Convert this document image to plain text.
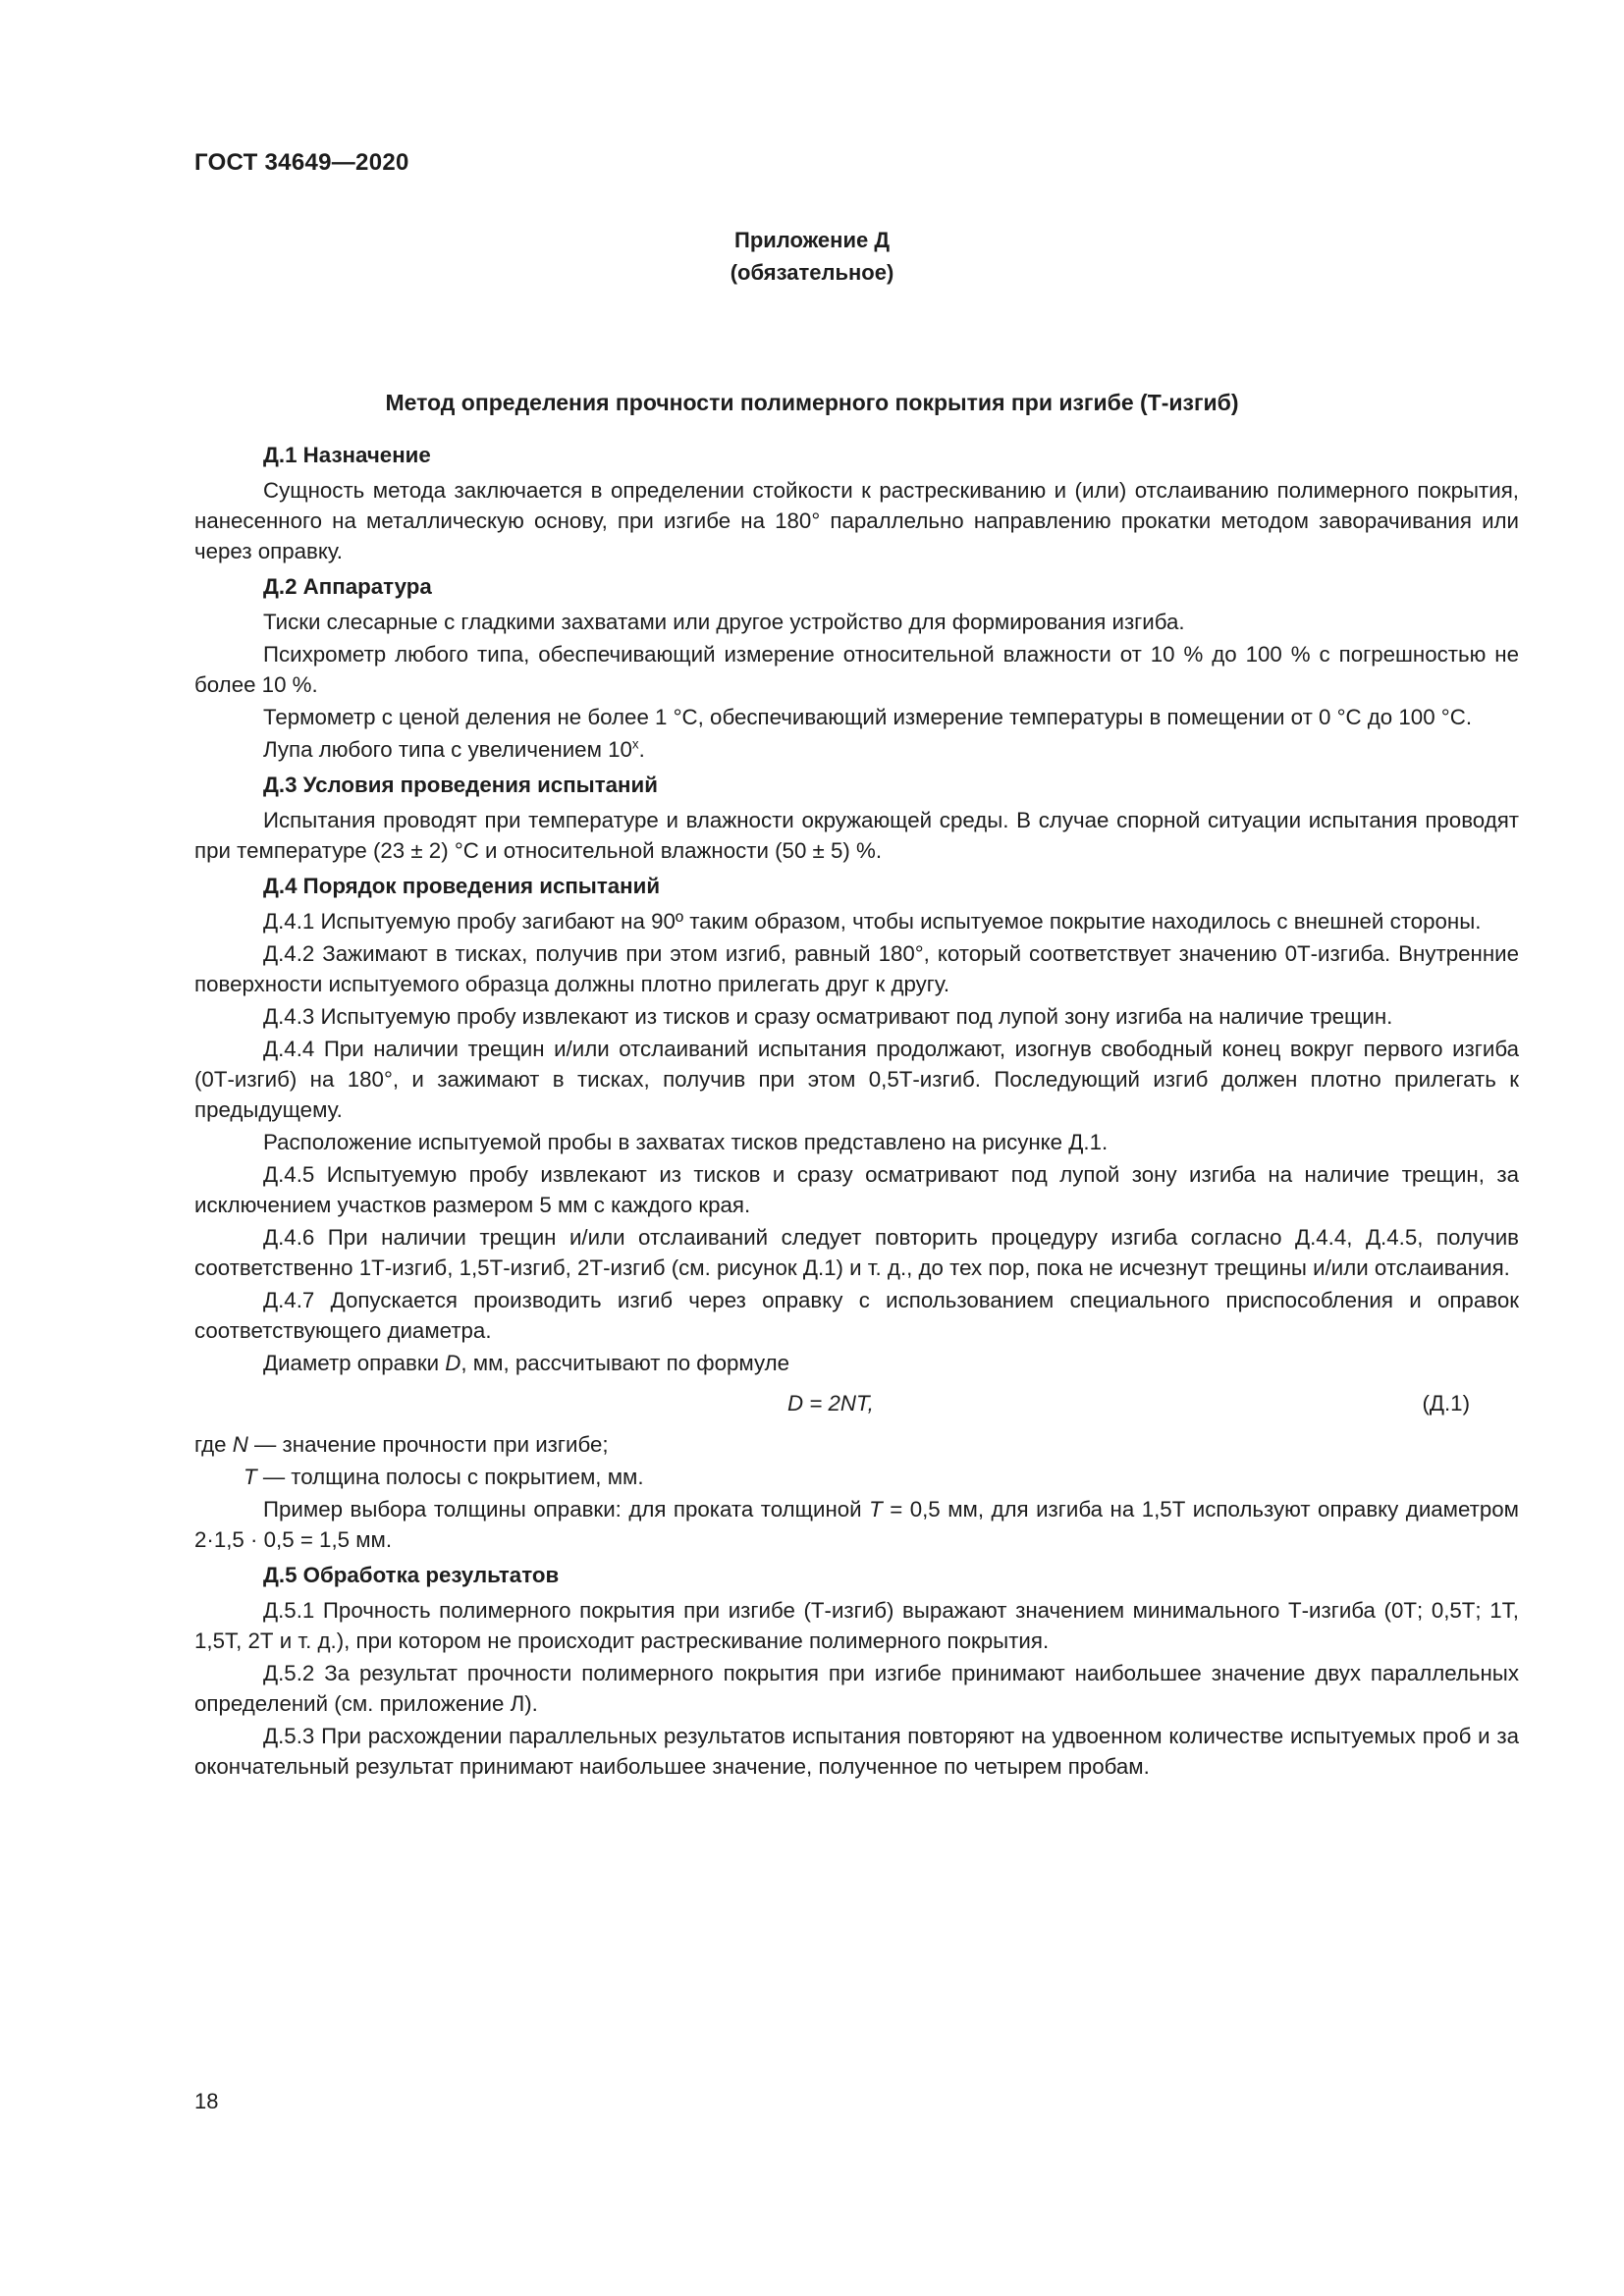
ГОСТ 34649—2020
Приложение Д
(обязательное)
Метод определения прочности полимерного покрытия при изгибе (Т-изгиб)
Д.1 Назначение

Сущность метода заключается в определении стойкости к растрескиванию и (или) отслаиванию полимерного покрытия, нанесенного на металлическую основу, при изгибе на 180° параллельно направлению прокатки методом заворачивания или через оправку.

Д.2 Аппаратура

Тиски слесарные с гладкими захватами или другое устройство для формирования изгиба.

Психрометр любого типа, обеспечивающий измерение относительной влажности от 10 % до 100 % с погрешностью не более 10 %.

Термометр с ценой деления не более 1 °С, обеспечивающий измерение температуры в помещении от 0 °С до 100 °С.

Лупа любого типа с увеличением $10^х$.

Д.3 Условия проведения испытаний

Испытания проводят при температуре и влажности окружающей среды. В случае спорной ситуации испытания проводят при температуре (23 ± 2) °С и относительной влажности (50 ± 5) %.

Д.4 Порядок проведения испытаний

Д.4.1 Испытуемую пробу загибают на 90º таким образом, чтобы испытуемое покрытие находилось с внешней стороны.

Д.4.2 Зажимают в тисках, получив при этом изгиб, равный 180°, который соответствует значению 0Т-изгиба. Внутренние поверхности испытуемого образца должны плотно прилегать друг к другу.

Д.4.3 Испытуемую пробу извлекают из тисков и сразу осматривают под лупой зону изгиба на наличие трещин.

Д.4.4 При наличии трещин и/или отслаиваний испытания продолжают, изогнув свободный конец вокруг первого изгиба (0Т-изгиб) на 180°, и зажимают в тисках, получив при этом 0,5Т-изгиб. Последующий изгиб должен плотно прилегать к предыдущему.

Расположение испытуемой пробы в захватах тисков представлено на рисунке Д.1.

Д.4.5 Испытуемую пробу извлекают из тисков и сразу осматривают под лупой зону изгиба на наличие трещин, за исключением участков размером 5 мм с каждого края.

Д.4.6 При наличии трещин и/или отслаиваний следует повторить процедуру изгиба согласно Д.4.4, Д.4.5, получив соответственно 1Т-изгиб, 1,5Т-изгиб, 2Т-изгиб (см. рисунок Д.1) и т. д., до тех пор, пока не исчезнут трещины и/или отслаивания.

Д.4.7 Допускается производить изгиб через оправку с использованием специального приспособления и оправок соответствующего диаметра.

Диаметр оправки D, мм, рассчитывают по формуле

D = 2NT,	(Д.1)

где N — значение прочности при изгибе;

Т — толщина полосы с покрытием, мм.

Пример выбора толщины оправки: для проката толщиной Т = 0,5 мм, для изгиба на 1,5Т используют оправку диаметром 2·1,5 · 0,5 = 1,5 мм.

Д.5 Обработка результатов

Д.5.1 Прочность полимерного покрытия при изгибе (Т-изгиб) выражают значением минимального Т-изгиба (0Т; 0,5Т; 1Т, 1,5Т, 2Т и т. д.), при котором не происходит растрескивание полимерного покрытия.

Д.5.2 За результат прочности полимерного покрытия при изгибе принимают наибольшее значение двух параллельных определений (см. приложение Л).

Д.5.3 При расхождении параллельных результатов испытания повторяют на удвоенном количестве испытуемых проб и за окончательный результат принимают наибольшее значение, полученное по четырем пробам.

18
